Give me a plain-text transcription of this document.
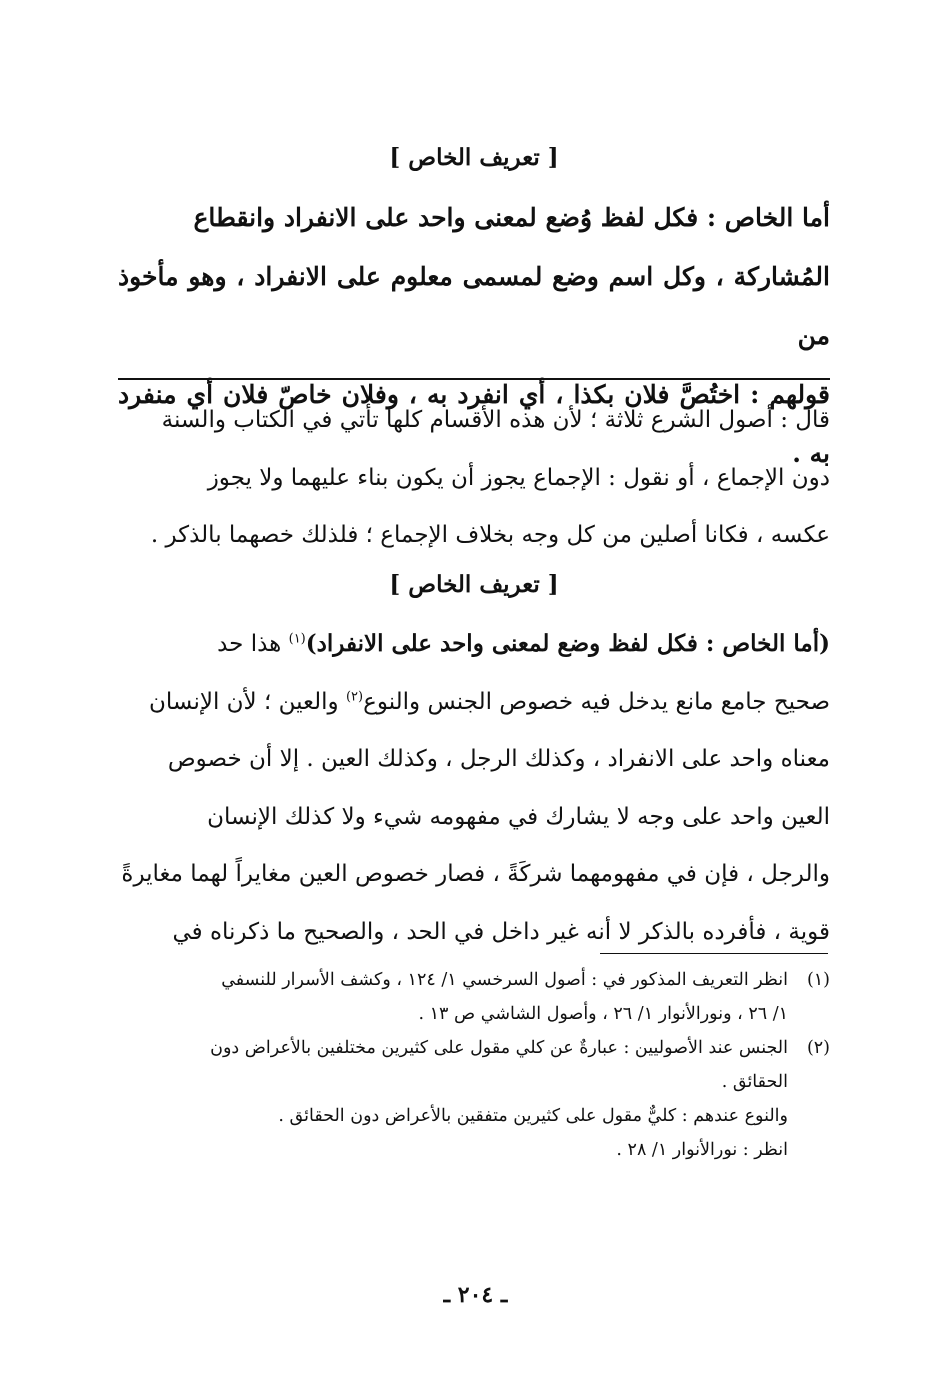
[ تعريف الخاص ]
أما الخاص : فكل لفظ وُضع لمعنى واحد على الانفراد وانقطاع
المُشاركة ، وكل اسم وضع لمسمى معلوم على الانفراد ، وهو مأخوذ من
قولهم : اختُصَّ فلان بكذا ، أي انفرد به ، وفلان خاصّ فلان أي منفرد به .
قال : أصول الشرع ثلاثة ؛ لأن هذه الأقسام كلها تأتي في الكتاب والسنة
دون الإجماع ، أو نقول : الإجماع يجوز أن يكون بناء عليهما ولا يجوز
عكسه ، فكانا أصلين من كل وجه بخلاف الإجماع ؛ فلذلك خصهما بالذكر .
[ تعريف الخاص ]
(أما الخاص : فكل لفظ وضع لمعنى واحد على الانفراد)$^{(١)}$ هذا حد
صحيح جامع مانع يدخل فيه خصوص الجنس والنوع$^{(٢)}$ والعين ؛ لأن الإنسان
معناه واحد على الانفراد ، وكذلك الرجل ، وكذلك العين . إلا أن خصوص
العين واحد على وجه لا يشارك في مفهومه شيء ولا كذلك الإنسان
والرجل ، فإن في مفهومهما شركَةً ، فصار خصوص العين مغايراً لهما مغايرةً
قوية ، فأفرده بالذكر لا أنه غير داخل في الحد ، والصحيح ما ذكرناه في
(١)
انظر التعريف المذكور في : أصول السرخسي ١/ ١٢٤ ، وكشف الأسرار للنسفي
١/ ٢٦ ، ونورالأنوار ١/ ٢٦ ، وأصول الشاشي ص ١٣ .
(٢)
الجنس عند الأصوليين : عبارةٌ عن كلي مقول على كثيرين مختلفين بالأعراض دون
الحقائق .
والنوع عندهم : كليٌّ مقول على كثيرين متفقين بالأعراض دون الحقائق .
انظر : نورالأنوار ١/ ٢٨ .
ـ ٢٠٤ ـ
